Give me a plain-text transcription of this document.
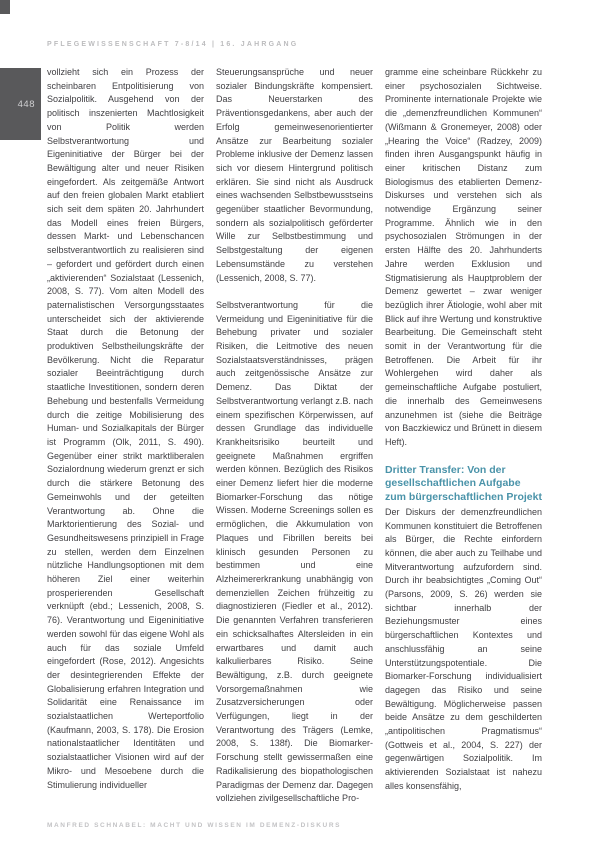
PFLEGEWISSENSCHAFT 7-8/14 | 16. JAHRGANG
448

vollzieht sich ein Prozess der scheinbaren Entpolitisierung von Sozialpolitik. Ausgehend von der politisch inszenierten Machtlosigkeit von Politik werden Selbstverantwortung und Eigeninitiative der Bürger bei der Bewältigung alter und neuer Risiken eingefordert. Als zeitgemäße Antwort auf den freien globalen Markt etabliert sich seit dem späten 20. Jahrhundert das Modell eines freien Bürgers, dessen Markt- und Lebenschancen selbstverantwortlich zu realisieren sind – gefordert und gefördert durch einen „aktivierenden“ Sozialstaat (Lessenich, 2008, S. 77). Vom alten Modell des paternalistischen Versorgungsstaates unterscheidet sich der aktivierende Staat durch die Betonung der produktiven Selbstheilungskräfte der Bevölkerung. Nicht die Reparatur sozialer Beeinträchtigung durch staatliche Investitionen, sondern deren Behebung und bestenfalls Vermeidung durch die zeitige Mobilisierung des Human- und Sozialkapitals der Bürger ist Programm (Olk, 2011, S. 490). Gegenüber einer strikt marktliberalen Sozialordnung wiederum grenzt er sich durch die stärkere Betonung des Gemeinwohls und der geteilten Verantwortung ab. Ohne die Marktorientierung des Sozial- und Gesundheitswesens prinzipiell in Frage zu stellen, werden dem Einzelnen nützliche Handlungsoptionen mit dem höheren Ziel einer weiterhin prosperierenden Gesellschaft verknüpft (ebd.; Lessenich, 2008, S. 76). Verantwortung und Eigeninitiative werden sowohl für das eigene Wohl als auch für das soziale Umfeld eingefordert (Rose, 2012). Angesichts der desintegrierenden Effekte der Globalisierung erfahren Integration und Solidarität eine Renaissance im sozialstaatlichen Werteportfolio (Kaufmann, 2003, S. 178). Die Erosion nationalstaatlicher Identitäten und sozialstaatlicher Visionen wird auf der Mikro- und Mesoebene durch die Stimulierung individueller

Steuerungsansprüche und neuer sozialer Bindungskräfte kompensiert. Das Neuerstarken des Präventionsgedankens, aber auch der Erfolg gemeinwesenorientierter Ansätze zur Bearbeitung sozialer Probleme inklusive der Demenz lassen sich vor diesem Hintergrund politisch erklären. Sie sind nicht als Ausdruck eines wachsenden Selbstbewusstseins gegenüber staatlicher Bevormundung, sondern als sozialpolitisch geförderter Wille zur Selbstbestimmung und Selbstgestaltung der eigenen Lebensumstände zu verstehen (Lessenich, 2008, S. 77).

Selbstverantwortung für die Vermeidung und Eigeninitiative für die Behebung privater und sozialer Risiken, die Leitmotive des neuen Sozialstaatsverständnisses, prägen auch zeitgenössische Ansätze zur Demenz. Das Diktat der Selbstverantwortung verlangt z.B. nach einem spezifischen Körperwissen, auf dessen Grundlage das individuelle Krankheitsrisiko beurteilt und geeignete Maßnahmen ergriffen werden können. Bezüglich des Risikos einer Demenz liefert hier die moderne Biomarker-Forschung das nötige Wissen. Moderne Screenings sollen es ermöglichen, die Akkumulation von Plaques und Fibrillen bereits bei klinisch gesunden Personen zu bestimmen und eine Alzheimererkrankung unabhängig von demenziellen Zeichen frühzeitig zu diagnostizieren (Fiedler et al., 2012). Die genannten Verfahren transferieren ein schicksalhaftes Altersleiden in ein erwartbares und damit auch kalkulierbares Risiko. Seine Bewältigung, z.B. durch geeignete Vorsorgemaßnahmen wie Zusatzversicherungen oder Verfügungen, liegt in der Verantwortung des Trägers (Lemke, 2008, S. 138f). Die Biomarker-Forschung stellt gewissermaßen eine Radikalisierung des biopathologischen Paradigmas der Demenz dar. Dagegen vollziehen zivilgesellschaftliche Pro-

gramme eine scheinbare Rückkehr zu einer psychosozialen Sichtweise. Prominente internationale Projekte wie die „demenzfreundlichen Kommunen“ (Wißmann & Gronemeyer, 2008) oder „Hearing the Voice“ (Radzey, 2009) finden ihren Ausgangspunkt häufig in einer kritischen Distanz zum Biologismus des etablierten Demenz-Diskurses und verstehen sich als notwendige Ergänzung seiner Programme. Ähnlich wie in den psychosozialen Strömungen in der ersten Hälfte des 20. Jahrhunderts Jahre werden Exklusion und Stigmatisierung als Hauptproblem der Demenz gewertet – zwar weniger bezüglich ihrer Ätiologie, wohl aber mit Blick auf ihre Wertung und konstruktive Bearbeitung. Die Gemeinschaft steht somit in der Verantwortung für die Betroffenen. Die Arbeit für ihr Wohlergehen wird daher als gemeinschaftliche Aufgabe postuliert, die innerhalb des Gemeinwesens anzunehmen ist (siehe die Beiträge von Baczkiewicz und Brünett in diesem Heft).

Dritter Transfer: Von der gesellschaftlichen Aufgabe zum bürgerschaftlichen Projekt

Der Diskurs der demenzfreundlichen Kommunen konstituiert die Betroffenen als Bürger, die Rechte einfordern können, die aber auch zu Teilhabe und Mitverantwortung aufzufordern sind. Durch ihr beabsichtigtes „Coming Out“ (Parsons, 2009, S. 26) werden sie sichtbar innerhalb der Beziehungsmuster eines bürgerschaftlichen Kontextes und anschlussfähig an seine Unterstützungspotentiale. Die Biomarker-Forschung individualisiert dagegen das Risiko und seine Bewältigung. Möglicherweise passen beide Ansätze zu dem geschilderten „antipolitischen Pragmatismus“ (Gottweis et al., 2004, S. 227) der gegenwärtigen Sozialpolitik. Im aktivierenden Sozialstaat ist nahezu alles konsensfähig,

MANFRED SCHNABEL: MACHT UND WISSEN IM DEMENZ-DISKURS
